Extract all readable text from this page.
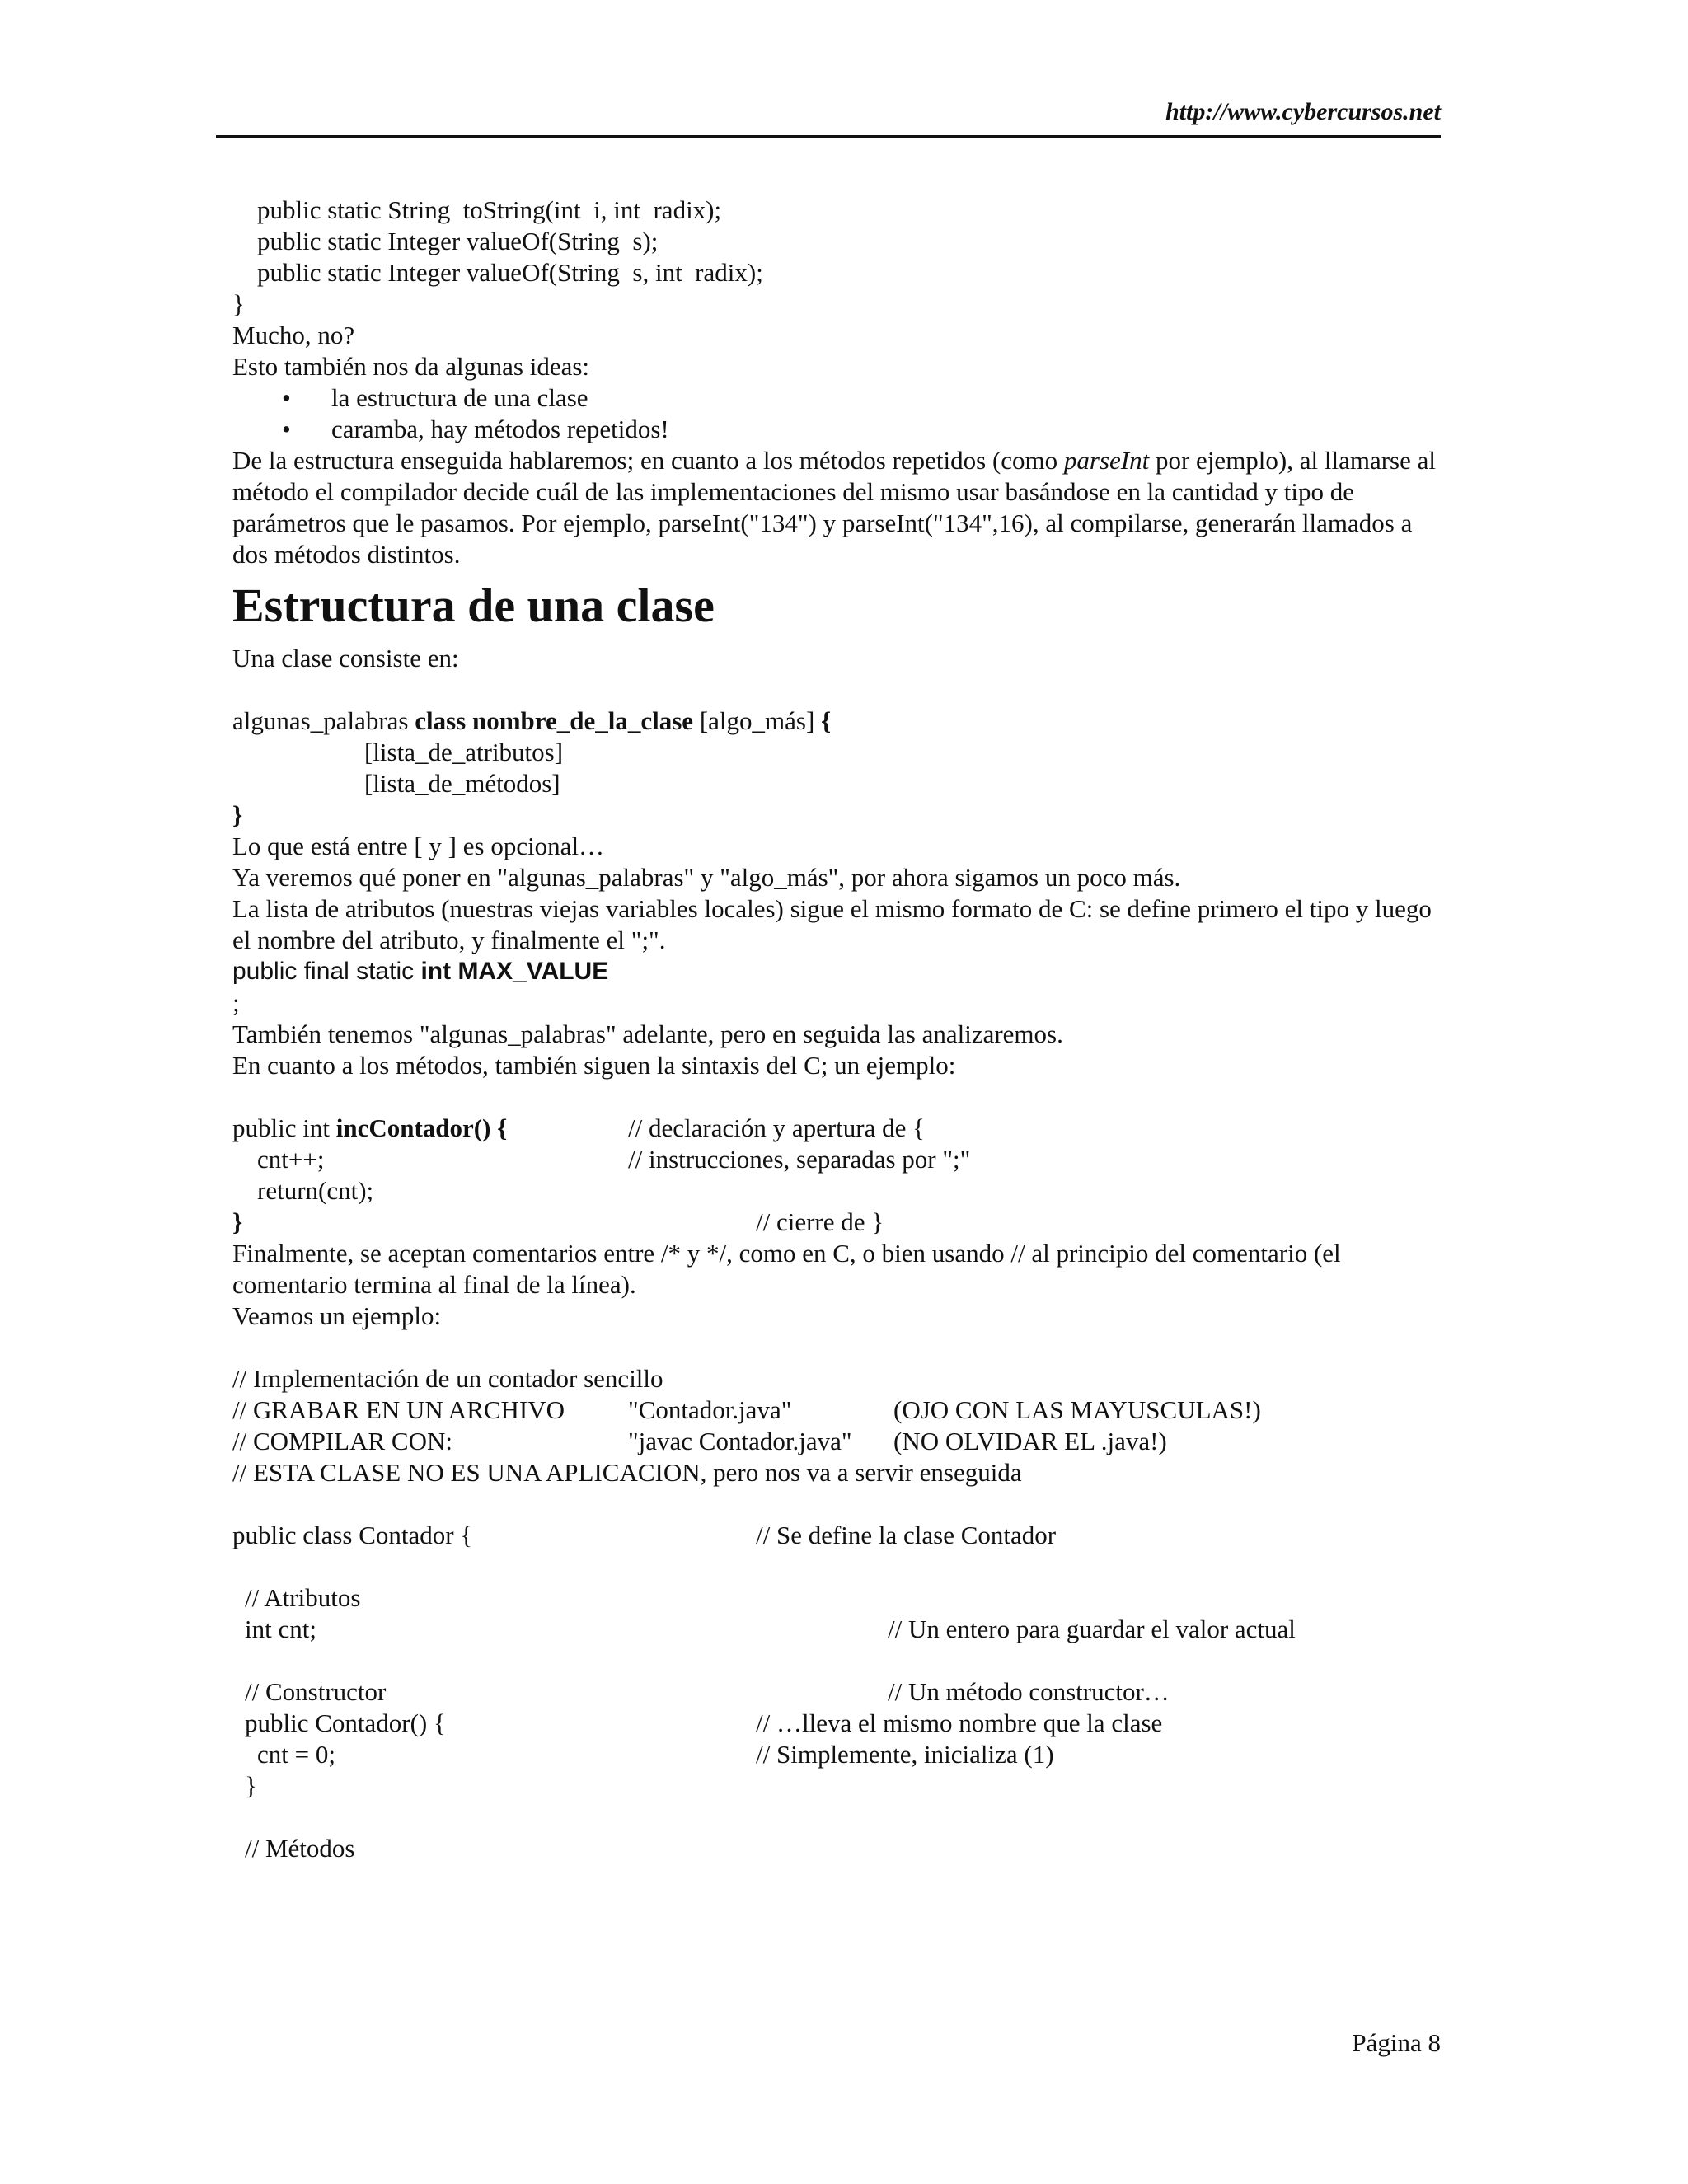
http://www.cybercursos.net
public static String  toString(int  i, int  radix);
public static Integer valueOf(String  s);
public static Integer valueOf(String  s, int  radix);
}
Mucho, no?
Esto también nos da algunas ideas:
• la estructura de una clase
• caramba, hay métodos repetidos!
De la estructura enseguida hablaremos; en cuanto a los métodos repetidos (como parseInt por ejemplo), al llamarse al método el compilador decide cuál de las implementaciones del mismo usar basándose en la cantidad y tipo de parámetros que le pasamos. Por ejemplo, parseInt("134") y parseInt("134",16), al compilarse, generarán llamados a dos métodos distintos.
Estructura de una clase
Una clase consiste en:
algunas_palabras class nombre_de_la_clase [algo_más] {
[lista_de_atributos]
[lista_de_métodos]
}
Lo que está entre [ y ] es opcional…
Ya veremos qué poner en "algunas_palabras" y "algo_más", por ahora sigamos un poco más.
La lista de atributos (nuestras viejas variables locales) sigue el mismo formato de C: se define primero el tipo y luego el nombre del atributo, y finalmente el ";".
public final static int MAX_VALUE
;
También tenemos "algunas_palabras" adelante, pero en seguida las analizaremos.
En cuanto a los métodos, también siguen la sintaxis del C; un ejemplo:
public int incContador() {	// declaración y apertura de {
cnt++;	// instrucciones, separadas por ";"
return(cnt);
}	// cierre de }
Finalmente, se aceptan comentarios entre /* y */, como en C, o bien usando // al principio del comentario (el comentario termina al final de la línea).
Veamos un ejemplo:
// Implementación de un contador sencillo
// GRABAR EN UN ARCHIVO "Contador.java"	(OJO CON LAS MAYUSCULAS!)
// COMPILAR CON:	"javac Contador.java" (NO OLVIDAR EL .java!)
// ESTA CLASE NO ES UNA APLICACION, pero nos va a servir enseguida
public class Contador {	// Se define la clase Contador
// Atributos
int cnt;	// Un entero para guardar el valor actual
// Constructor	// Un método constructor…
public Contador() {	// …lleva el mismo nombre que la clase
cnt = 0;	// Simplemente, inicializa (1)
}
// Métodos
Página 8
